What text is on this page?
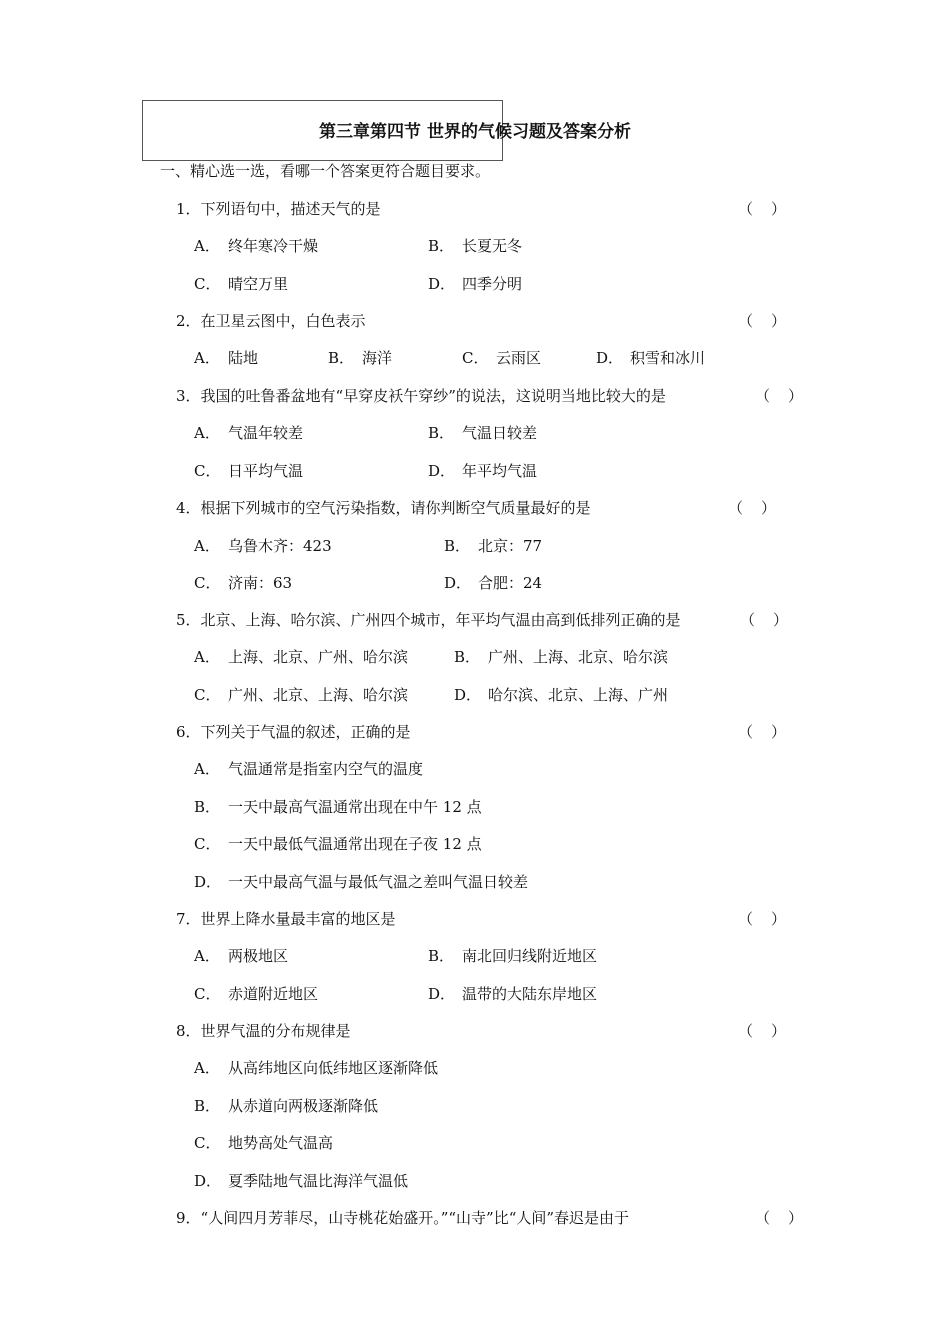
第三章第四节 世界的气候习题及答案分析
一、精心选一选，看哪一个答案更符合题目要求。
1．下列语句中，描述天气的是	（ ）
A． 终年寒冷干燥	B． 长夏无冬
C． 晴空万里	D． 四季分明
2．在卫星云图中，白色表示	（ ）
A． 陆地	B． 海洋	C． 云雨区	D． 积雪和冰川
3．我国的吐鲁番盆地有“早穿皮袄午穿纱”的说法，这说明当地比较大的是	（ ）
A． 气温年较差	B． 气温日较差
C． 日平均气温	D． 年平均气温
4．根据下列城市的空气污染指数，请你判断空气质量最好的是	（ ）
A． 乌鲁木齐：423	B． 北京：77
C． 济南：63	D． 合肥：24
5．北京、上海、哈尔滨、广州四个城市，年平均气温由高到低排列正确的是	（ ）
A． 上海、北京、广州、哈尔滨	B． 广州、上海、北京、哈尔滨
C． 广州、北京、上海、哈尔滨	D． 哈尔滨、北京、上海、广州
6．下列关于气温的叙述，正确的是	（ ）
A． 气温通常是指室内空气的温度
B． 一天中最高气温通常出现在中午 12 点
C． 一天中最低气温通常出现在子夜 12 点
D． 一天中最高气温与最低气温之差叫气温日较差
7．世界上降水量最丰富的地区是	（ ）
A． 两极地区	B． 南北回归线附近地区
C． 赤道附近地区	D． 温带的大陆东岸地区
8．世界气温的分布规律是	（ ）
A． 从高纬地区向低纬地区逐渐降低
B． 从赤道向两极逐渐降低
C． 地势高处气温高
D． 夏季陆地气温比海洋气温低
9．“人间四月芳菲尽，山寺桃花始盛开。”“山寺”比“人间”春迟是由于	（ ）
